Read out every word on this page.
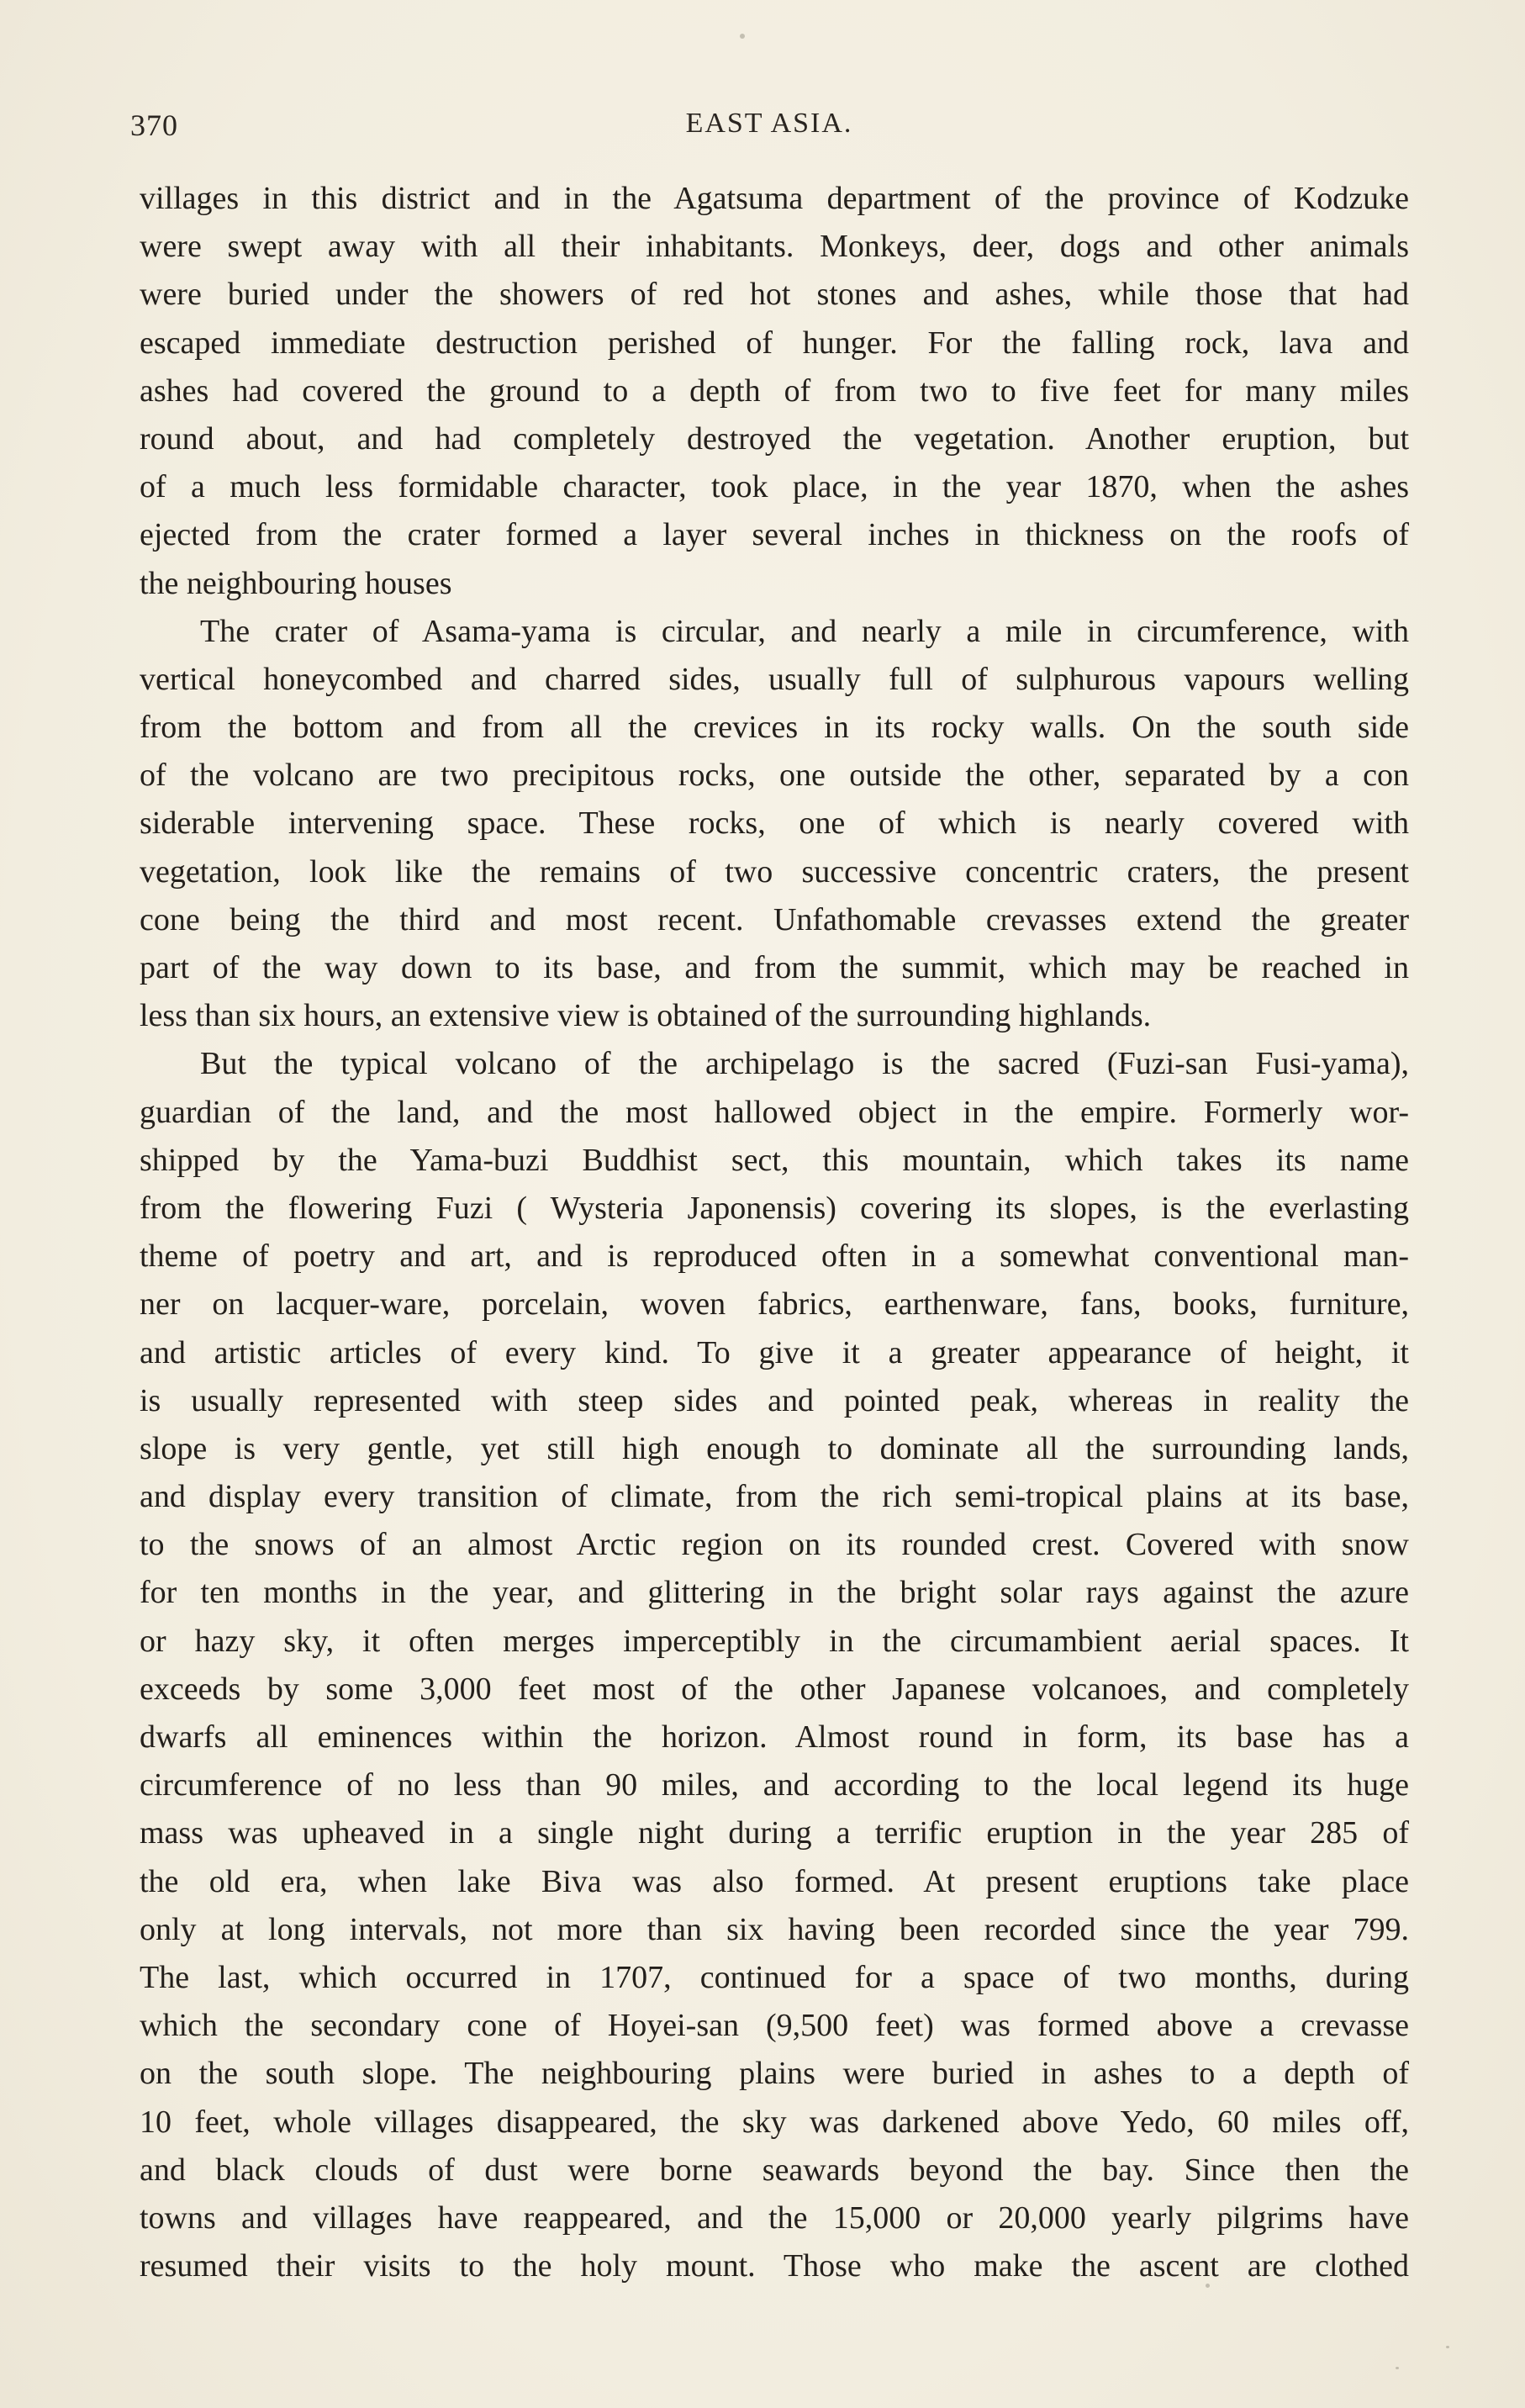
370	EAST ASIA.
villages in this district and in the Agatsuma department of the province of Kodzuke
were swept away with all their inhabitants. Monkeys, deer, dogs and other animals
were buried under the showers of red hot stones and ashes, while those that had
escaped immediate destruction perished of hunger. For the falling rock, lava and
ashes had covered the ground to a depth of from two to five feet for many miles
round about, and had completely destroyed the vegetation. Another eruption, but
of a much less formidable character, took place, in the year 1870, when the ashes
ejected from the crater formed a layer several inches in thickness on the roofs of
the neighbouring houses
The crater of Asama-yama is circular, and nearly a mile in circumference, with
vertical honeycombed and charred sides, usually full of sulphurous vapours welling
from the bottom and from all the crevices in its rocky walls. On the south side
of the volcano are two precipitous rocks, one outside the other, separated by a con
siderable intervening space. These rocks, one of which is nearly covered with
vegetation, look like the remains of two successive concentric craters, the present
cone being the third and most recent. Unfathomable crevasses extend the greater
part of the way down to its base, and from the summit, which may be reached in
less than six hours, an extensive view is obtained of the surrounding highlands.
But the typical volcano of the archipelago is the sacred (Fuzi-san Fusi-yama),
guardian of the land, and the most hallowed object in the empire. Formerly wor-
shipped by the Yama-buzi Buddhist sect, this mountain, which takes its name
from the flowering Fuzi ( Wysteria Japonensis) covering its slopes, is the everlasting
theme of poetry and art, and is reproduced often in a somewhat conventional man-
ner on lacquer-ware, porcelain, woven fabrics, earthenware, fans, books, furniture,
and artistic articles of every kind. To give it a greater appearance of height, it
is usually represented with steep sides and pointed peak, whereas in reality the
slope is very gentle, yet still high enough to dominate all the surrounding lands,
and display every transition of climate, from the rich semi-tropical plains at its base,
to the snows of an almost Arctic region on its rounded crest. Covered with snow
for ten months in the year, and glittering in the bright solar rays against the azure
or hazy sky, it often merges imperceptibly in the circumambient aerial spaces. It
exceeds by some 3,000 feet most of the other Japanese volcanoes, and completely
dwarfs all eminences within the horizon. Almost round in form, its base has a
circumference of no less than 90 miles, and according to the local legend its huge
mass was upheaved in a single night during a terrific eruption in the year 285 of
the old era, when lake Biva was also formed. At present eruptions take place
only at long intervals, not more than six having been recorded since the year 799.
The last, which occurred in 1707, continued for a space of two months, during
which the secondary cone of Hoyei-san (9,500 feet) was formed above a crevasse
on the south slope. The neighbouring plains were buried in ashes to a depth of
10 feet, whole villages disappeared, the sky was darkened above Yedo, 60 miles off,
and black clouds of dust were borne seawards beyond the bay. Since then the
towns and villages have reappeared, and the 15,000 or 20,000 yearly pilgrims have
resumed their visits to the holy mount. Those who make the ascent are clothed
